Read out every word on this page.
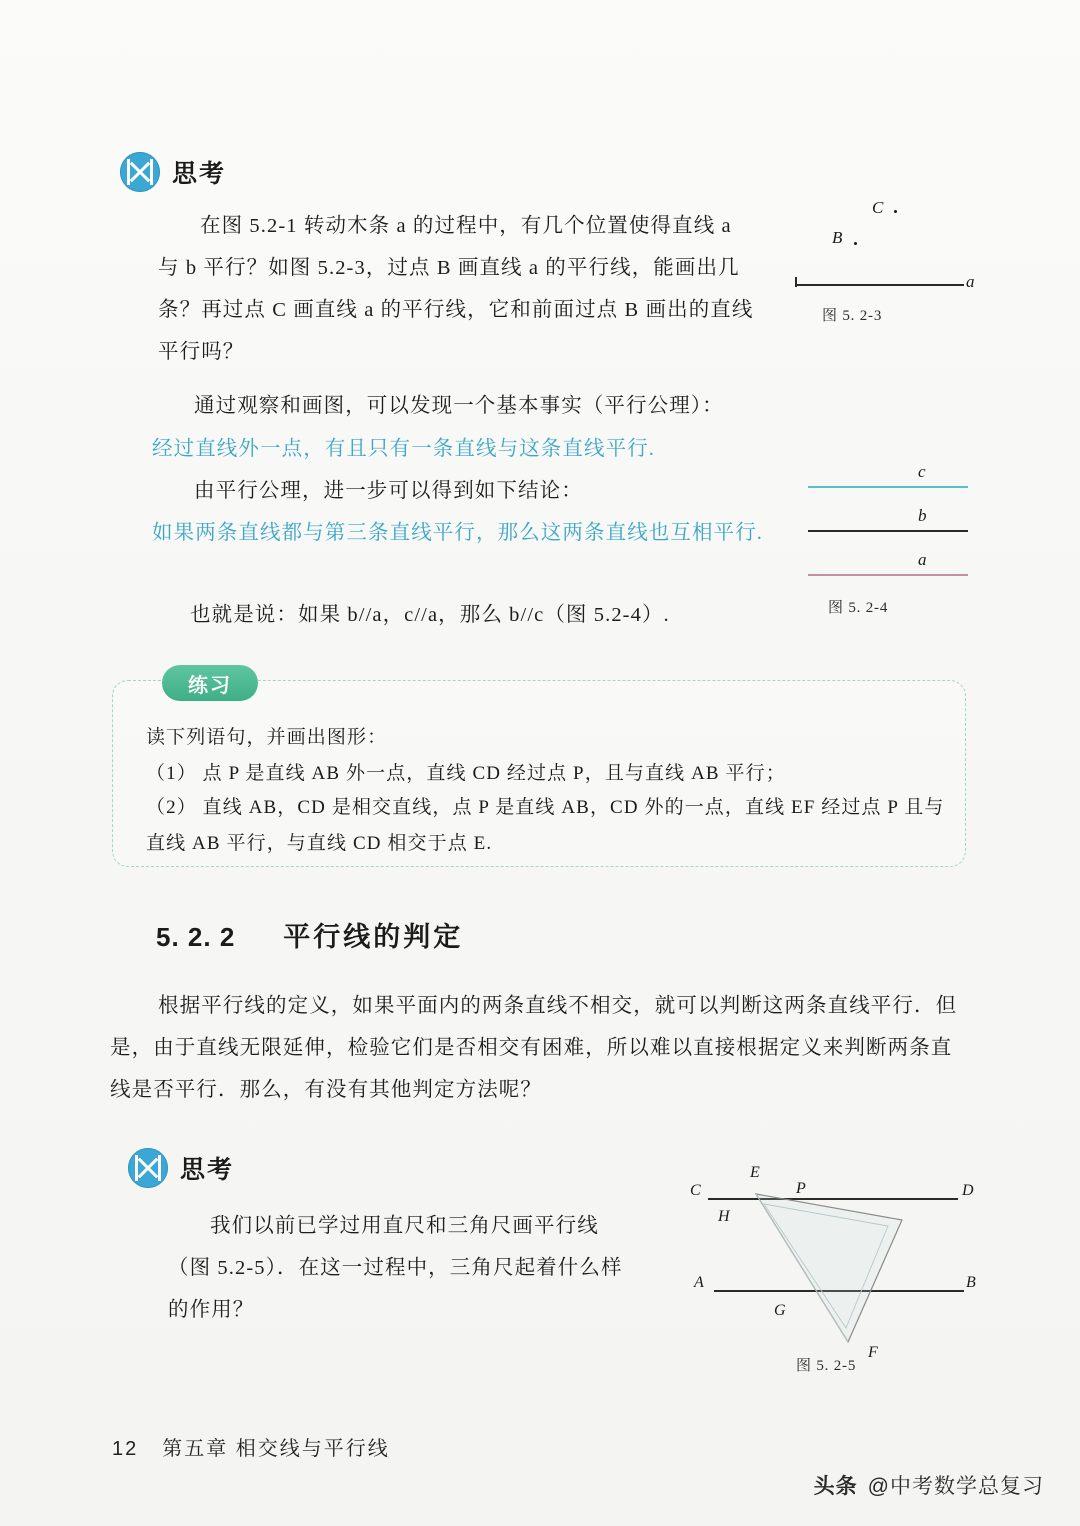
思考
在图 5.2-1 转动木条 a 的过程中，有几个位置使得直线 a 与 b 平行？如图 5.2-3，过点 B 画直线 a 的平行线，能画出几条？再过点 C 画直线 a 的平行线，它和前面过点 B 画出的直线平行吗？
C
B
a
图 5. 2-3
通过观察和画图，可以发现一个基本事实（平行公理）：
经过直线外一点，有且只有一条直线与这条直线平行.
由平行公理，进一步可以得到如下结论：
如果两条直线都与第三条直线平行，那么这两条直线也互相平行.
也就是说：如果 b//a，c//a，那么 b//c（图 5.2-4）.
c
b
a
图 5. 2-4
练习
读下列语句，并画出图形：
（1） 点 P 是直线 AB 外一点，直线 CD 经过点 P，且与直线 AB 平行；
（2） 直线 AB，CD 是相交直线，点 P 是直线 AB，CD 外的一点，直线 EF 经过点 P 且与直线 AB 平行，与直线 CD 相交于点 E.
5. 2. 2 平行线的判定
根据平行线的定义，如果平面内的两条直线不相交，就可以判断这两条直线平行．但是，由于直线无限延伸，检验它们是否相交有困难，所以难以直接根据定义来判断两条直线是否平行．那么，有没有其他判定方法呢？
思考
我们以前已学过用直尺和三角尺画平行线（图 5.2-5）．在这一过程中，三角尺起着什么样的作用？
C	D
A	B
E
H
P
G
F
图 5. 2-5
12 第五章 相交线与平行线
头条 @中考数学总复习
